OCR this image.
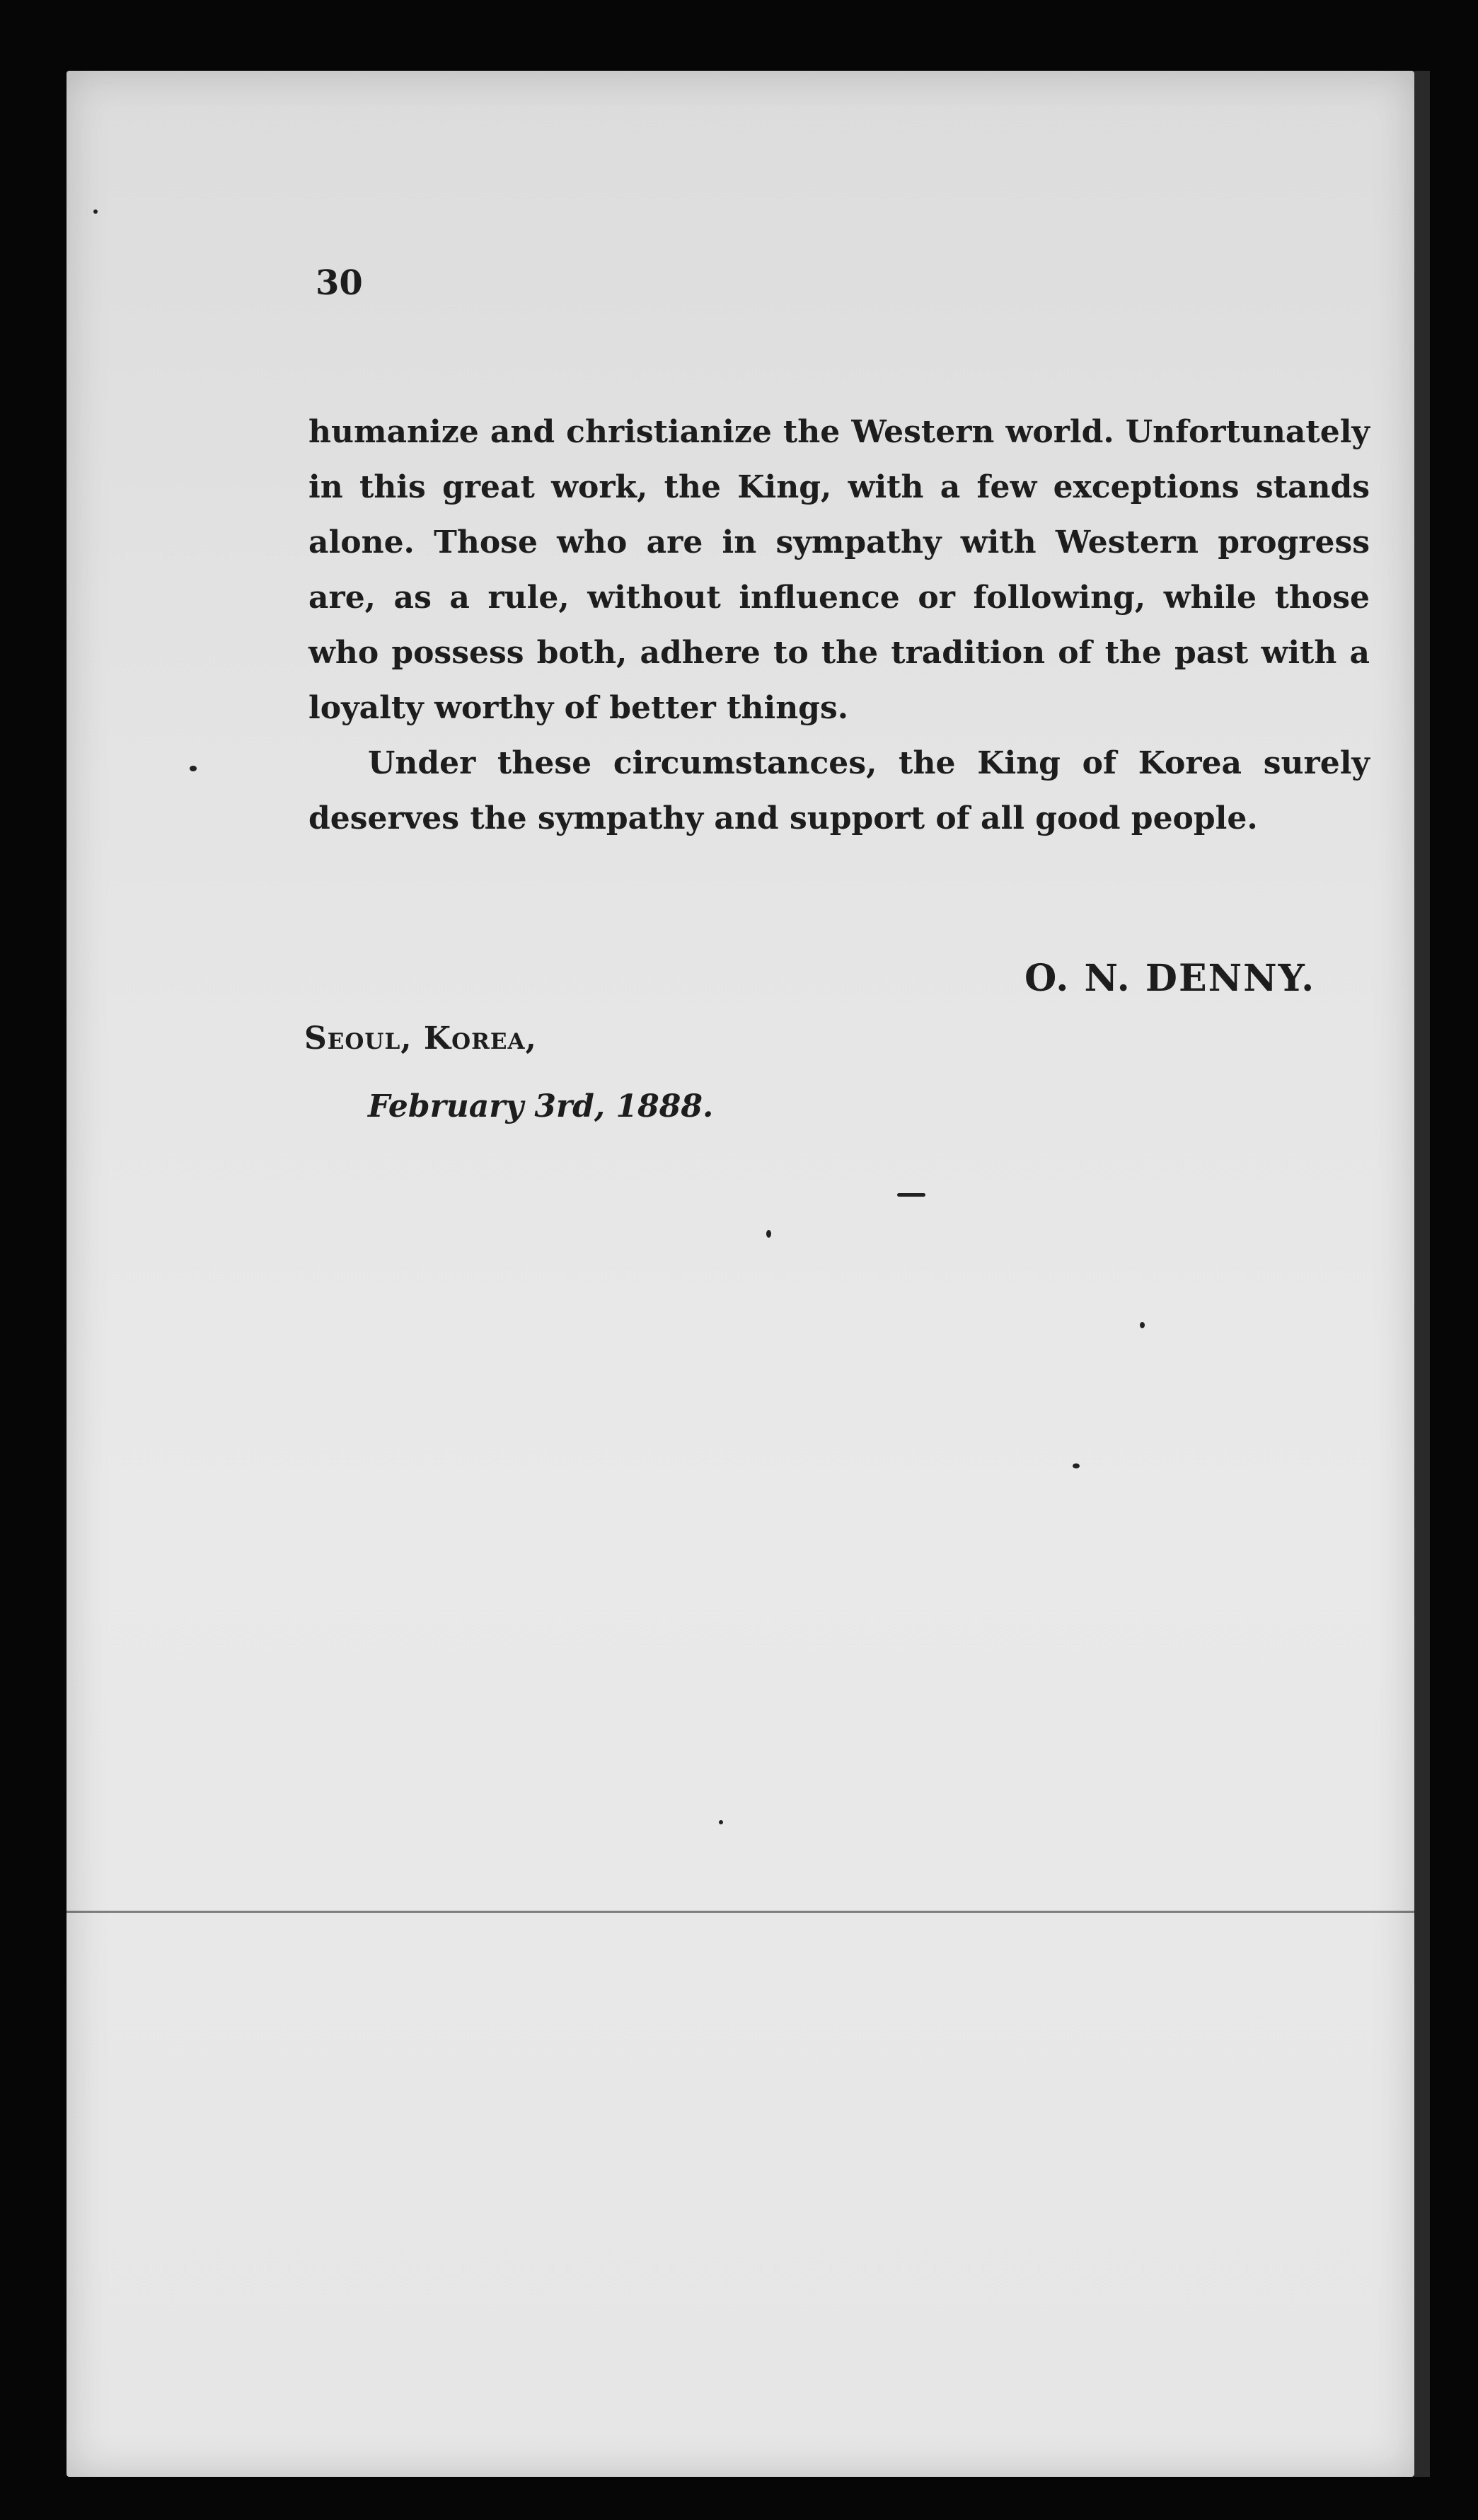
30

humanize and christianize the Western world. Unfortunately in this great work, the King, with a few exceptions stands alone. Those who are in sympathy with Western progress are, as a rule, without influence or following, while those who possess both, adhere to the tradition of the past with a loyalty worthy of better things.

Under these circumstances, the King of Korea surely deserves the sympathy and support of all good people.

O. N. DENNY.
Seoul, Korea,
February 3rd, 1888.
